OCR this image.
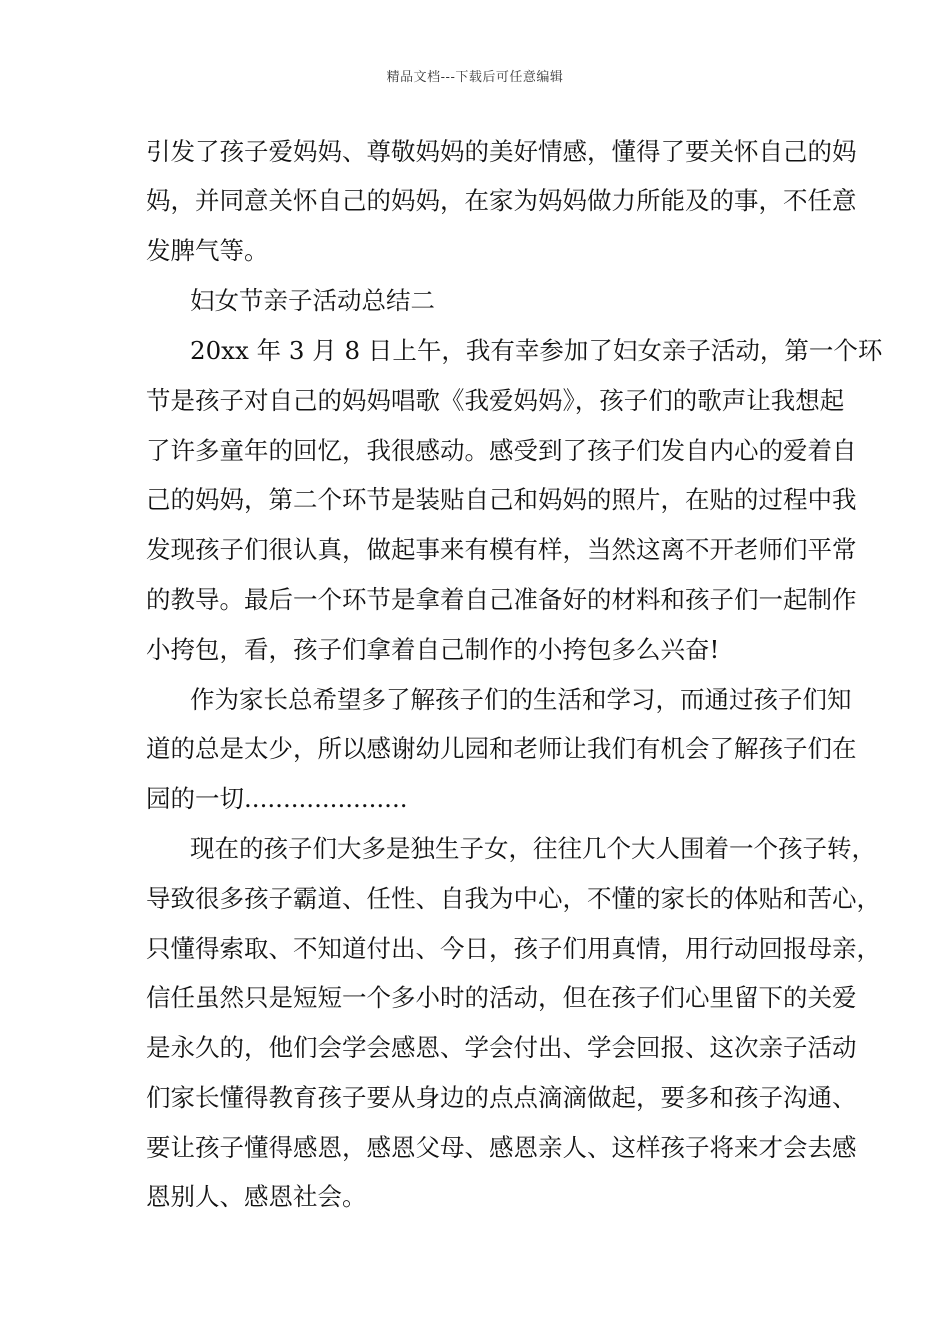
精品文档---下载后可任意编辑
引发了孩子爱妈妈、尊敬妈妈的美好情感，懂得了要关怀自己的妈
妈，并同意关怀自己的妈妈，在家为妈妈做力所能及的事，不任意
发脾气等。
妇女节亲子活动总结二
20xx 年 3 月 8 日上午，我有幸参加了妇女亲子活动，第一个环
节是孩子对自己的妈妈唱歌《我爱妈妈》，孩子们的歌声让我想起
了许多童年的回忆，我很感动。感受到了孩子们发自内心的爱着自
己的妈妈，第二个环节是装贴自己和妈妈的照片，在贴的过程中我
发现孩子们很认真，做起事来有模有样，当然这离不开老师们平常
的教导。最后一个环节是拿着自己准备好的材料和孩子们一起制作
小挎包，看，孩子们拿着自己制作的小挎包多么兴奋!
作为家长总希望多了解孩子们的生活和学习，而通过孩子们知
道的总是太少，所以感谢幼儿园和老师让我们有机会了解孩子们在
园的一切.....................
现在的孩子们大多是独生子女，往往几个大人围着一个孩子转，
导致很多孩子霸道、任性、自我为中心，不懂的家长的体贴和苦心，
只懂得索取、不知道付出、今日，孩子们用真情，用行动回报母亲，
信任虽然只是短短一个多小时的活动，但在孩子们心里留下的关爱
是永久的，他们会学会感恩、学会付出、学会回报、这次亲子活动
们家长懂得教育孩子要从身边的点点滴滴做起，要多和孩子沟通、
要让孩子懂得感恩，感恩父母、感恩亲人、这样孩子将来才会去感
恩别人、感恩社会。
